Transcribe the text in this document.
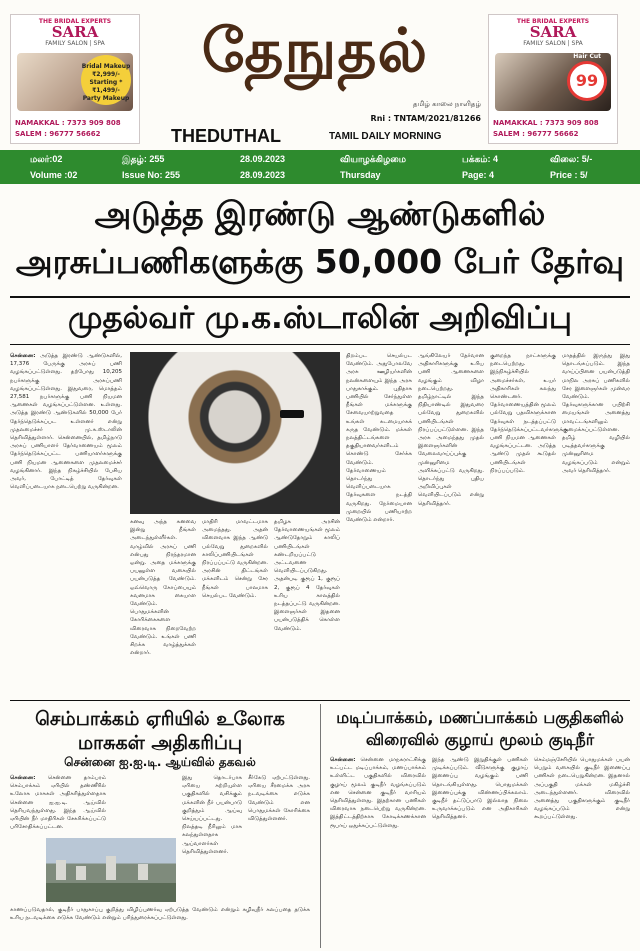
THE BRIDAL EXPERTS
SARA
FAMILY SALON | SPA
Bridal Makeup
₹2,999/-
Starting *
₹1,499/-
Party Makeup
NAMAKKAL : 7373 909 808
SALEM : 96777 56662
தேநுதல்
தமிழ் காலை நாளிதழ்
Rni : TNTAM/2021/81266
THEDUTHAL	TAMIL DAILY MORNING
THE BRIDAL EXPERTS
SARA
FAMILY SALON | SPA
99
Hair Cut
NAMAKKAL : 7373 909 808
SALEM : 96777 56662
மலர்:02	இதழ்: 255	28.09.2023	வியாழக்கிழமை	பக்கம்: 4	விலை: 5/-
Volume :02	Issue No: 255	28.09.2023	Thursday	Page: 4	Price : 5/
அடுத்த இரண்டு ஆண்டுகளில்
அரசுப்பணிகளுக்கு 50,000 பேர் தேர்வு
முதல்வர் மு.க.ஸ்டாலின் அறிவிப்பு
சென்னை: அடுத்த இரண்டு ஆண்டுகளில், 17,376 பேருக்கு அரசுப் பணி வழங்கப்பட்டுள்ளது. தற்போது 10,205 நபர்களுக்கு அரசுப்பணி வழங்கப்பட்டுள்ளது. இதுவரை, மொத்தம் 27,581 நபர்களுக்கு பணி நியமன ஆணைகள் வழங்கப்பட்டுள்ளன. உள்ளது. அடுத்த இரண்டு ஆண்டுகளில் 50,000 பேர் தேர்ந்தெடுக்கப்பட உள்ளனர் என்று முதலமைச்சர் மு.க.ஸ்டாலின் தெரிவித்துள்ளார். சென்னையில், தமிழ்நாடு அரசுப் பணியாளர் தேர்வாணையம் மூலம் தேர்ந்தெடுக்கப்பட்ட பணியாளர்களுக்கு பணி நியமன ஆணைகளை முதலமைச்சர் வழங்கினார். இந்த நிகழ்ச்சியில் பேசிய அவர், போட்டித் தேர்வுகள் வெளிப்படையாக நடைபெற்று வருகின்றன.
கனவு அந்த கனவை இன்று நீங்கள் அடைந்துள்ளீர்கள். வாழ்வில் அரசுப் பணி என்பது நிரந்தரமான ஒன்று. அதை மக்களுக்கு பயனுள்ள வகையில் பயன்படுத்த வேண்டும். ஒவ்வொரு கோப்பையும் கவனமாக கையாள வேண்டும். பொதுமக்களின் கோரிக்கைகளை விரைவாக நிறைவேற்ற வேண்டும். உங்கள் பணி சிறக்க வாழ்த்துக்கள் என்றார்.
மாதிரி மாவட்டமாக அமைந்தது. அதன் விளைவாக இந்த ஆண்டு பல்வேறு துறைகளில் காலிப்பணியிடங்கள் நிரப்பப்பட்டு வருகின்றன. அரசின் திட்டங்கள் மக்களிடம் சென்று சேர நீங்கள் பாலமாக செயல்பட வேண்டும்.
தமிழக அரசின் தேர்வாணையங்கள் மூலம் ஆண்டுதோறும் காலிப் பணியிடங்கள் கண்டறியப்பட்டு அட்டவணை வெளியிடப்படுகிறது. அதன்படி குரூப் 1, குரூப் 2, குரூப் 4 தேர்வுகள் உரிய காலத்தில் நடத்தப்பட்டு வருகின்றன. இளைஞர்கள் இதனை பயன்படுத்திக் கொள்ள வேண்டும்.
திறம்பட செயல்பட வேண்டும். அதுபோலவே அரசு ஊழியர்களின் நலன்களையும் இந்த அரசு பாதுகாக்கும். புதிதாக பணியில் சேர்ந்துள்ள நீங்கள் மக்களுக்கு சேவையாற்றுவதை உங்கள் கடமையாகக் கருத வேண்டும். மக்கள் நலத்திட்டங்களை தகுதியானவர்களிடம் கொண்டு சேர்க்க வேண்டும். தேர்வாணையம் தொடர்ந்து வெளிப்படையாக தேர்வுகளை நடத்தி வருகிறது. நேர்மையான முறையில் பணியாற்ற வேண்டும் என்றார்.
ஆங்கிலேயர் தேர்வான அதிகாரிகளுக்கு உரிய பணி ஆணைகளை வழங்கும் விழா நடைபெற்றது. தமிழ்நாட்டில் இந்த நிதியாண்டில் இதுவரை பல்வேறு துறைகளில் பணியிடங்கள் நிரப்பப்பட்டுள்ளன. இந்த அரசு அமைந்தது முதல் இளைஞர்களின் வேலைவாய்ப்புக்கு முன்னுரிமை அளிக்கப்பட்டு வருகிறது. தொடர்ந்து புதிய அறிவிப்புகள் வெளியிடப்படும் என்று தெரிவித்தார்.
குறைந்த நாட்களுக்கு நடைபெற்றது. இந்நிகழ்ச்சியில் அமைச்சர்கள், உயர் அதிகாரிகள் கலந்து கொண்டனர். தேர்வாணையத்தின் மூலம் பல்வேறு பதவிகளுக்கான தேர்வுகள் நடத்தப்பட்டு தேர்ந்தெடுக்கப்பட்டவர்களுக்கு பணி நியமன ஆணைகள் வழங்கப்பட்டன. அடுத்த ஆண்டு முதல் கூடுதல் பணியிடங்கள் நிரப்பப்படும்.
மாதத்தில் இருந்து இது தொடங்கப்படும். இந்த வாய்ப்பினை பயன்படுத்தி மாநில அரசுப் பணிகளில் சேர இளைஞர்கள் முன்வர வேண்டும். தேர்வுகளுக்கான பயிற்சி மையங்கள் அனைத்து மாவட்டங்களிலும் அமைக்கப்பட்டுள்ளன. தமிழ் வழியில் படித்தவர்களுக்கு முன்னுரிமை வழங்கப்படும் என்றும் அவர் தெரிவித்தார்.
செம்பாக்கம் ஏரியில் உலோக மாசுகள் அதிகரிப்பு
சென்னை ஐ.ஐ.டி. ஆய்வில் தகவல்
சென்னை: சென்னை தாம்பரம் செம்பாக்கம் ஏரியில் தண்ணீரில் உலோக மாசுகள் அதிகரித்துள்ளதாக சென்னை ஐ.ஐ.டி. ஆய்வில் தெரியவந்துள்ளது. இந்த ஆய்வில் ஏரியின் நீர் மாதிரிகள் சேகரிக்கப்பட்டு பரிசோதிக்கப்பட்டன.
இது தொடர்பாக ஏரியை சுற்றியுள்ள பகுதிகளில் வசிக்கும் மக்களின் நீர் பயன்பாடு குறித்தும் ஆய்வு செய்யப்பட்டது. நிலத்தடி நீரிலும் மாசு கலந்துள்ளதாக ஆய்வாளர்கள் தெரிவித்துள்ளனர்.
சீர்கேடு ஏற்பட்டுள்ளது. ஏரியை சீரமைக்க அரசு நடவடிக்கை எடுக்க வேண்டும் என பொதுமக்கள் கோரிக்கை விடுத்துள்ளனர்.
காணப்படுவதால், குடிநீர் பாதுகாப்பு குறித்து விழிப்புணர்வு ஏற்படுத்த வேண்டும் என்றும் கழிவுநீர் கலப்பதை தடுக்க உரிய நடவடிக்கை எடுக்க வேண்டும் என்றும் பரிந்துரைக்கப்பட்டுள்ளது.
மடிப்பாக்கம், மணப்பாக்கம் பகுதிகளில் விரைவில் குழாய் மூலம் குடிநீர்
சென்னை: சென்னை மாநகராட்சிக்கு உட்பட்ட மடிப்பாக்கம், மணப்பாக்கம் உள்ளிட்ட பகுதிகளில் விரைவில் குழாய் மூலம் குடிநீர் வழங்கப்படும் என சென்னை குடிநீர் வாரியம் தெரிவித்துள்ளது. இதற்கான பணிகள் விரைவாக நடைபெற்று வருகின்றன. இத்திட்டத்திற்காக கோடிக்கணக்கான ரூபாய் ஒதுக்கப்பட்டுள்ளது.
இந்த ஆண்டு இறுதிக்குள் பணிகள் முடிக்கப்படும். வீடுகளுக்கு குழாய் இணைப்பு வழங்கும் பணி தொடங்கியுள்ளது. பொதுமக்கள் இணைப்புக்கு விண்ணப்பிக்கலாம். குடிநீர் தட்டுப்பாடு இல்லாத நிலை உருவாக்கப்படும் என அதிகாரிகள் தெரிவித்தனர்.
செம்மஞ்சேரியில் பொதுமக்கள் பயன் பெறும் வகையில் குடிநீர் இணைப்பு பணிகள் நடைபெறுகின்றன. இதனால் அப்பகுதி மக்கள் மகிழ்ச்சி அடைந்துள்ளனர். விரைவில் அனைத்து பகுதிகளுக்கும் குடிநீர் வழங்கப்படும் என்று கூறப்பட்டுள்ளது.
